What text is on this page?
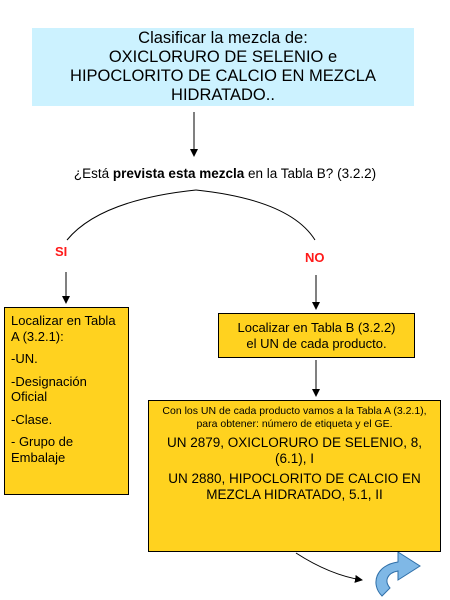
Clasificar la mezcla de:
OXICLORURO DE SELENIO e
HIPOCLORITO DE CALCIO EN MEZCLA
HIDRATADO..
¿Está prevista esta mezcla en la Tabla B? (3.2.2)
SI	NO

Localizar en Tabla A (3.2.1):

-UN.

-Designación Oficial

-Clase.

- Grupo de Embalaje

Localizar en Tabla B (3.2.2)
el UN de cada producto.

Con los UN de cada producto vamos a la Tabla A (3.2.1), para obtener: número de etiqueta y el GE.

UN 2879, OXICLORURO DE SELENIO, 8, (6.1), I

UN 2880, HIPOCLORITO DE CALCIO EN MEZCLA HIDRATADO, 5.1, II
